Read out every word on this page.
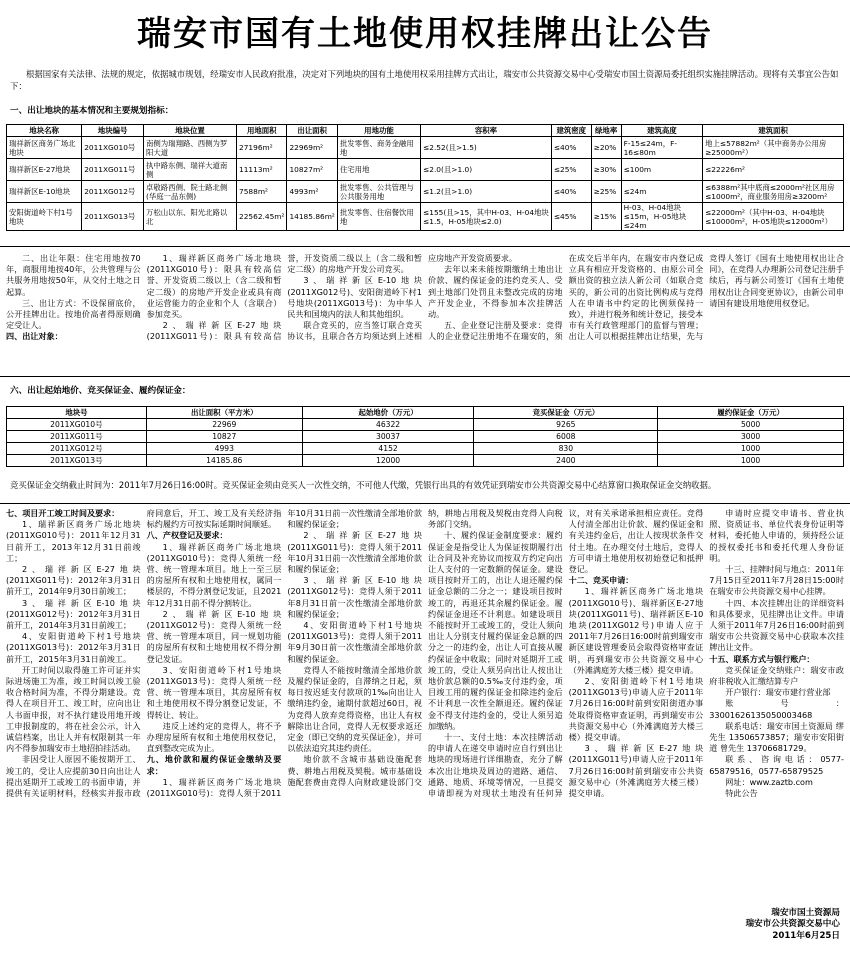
瑞安市国有土地使用权挂牌出让公告
根据国家有关法律、法规的规定，依据城市规划，经瑞安市人民政府批准，决定对下列地块的国有土地使用权采用挂牌方式出让，瑞安市公共资源交易中心受瑞安市国土资源局委托组织实施挂牌活动。现将有关事宜公告如下：
一、出让地块的基本情况和主要规划指标：
地块名称	地块编号	地块位置	用地面积	出让面积	用地功能	容积率	建筑密度	绿地率	建筑高度	建筑面积
瑞祥新区商务广场北地块	2011XG010号	南侧为瑞翔路、西侧为罗阳大道	27196m²	22969m²	批发零售、商务金融用地	≤2.52(且>1.5)	≤40%	≥20%	F-15≤24m，F-16≤80m	地上≤57882m²（其中商务办公用房≥25000m²）
瑞祥新区E-27地块	2011XG011号	执中路东侧、瑞祥大道南侧	11113m²	10827m²	住宅用地	≤2.0(且>1.0)	≤25%	≥30%	≤100m	≤22226m²
瑞祥新区E-10地块	2011XG012号	卓敬路西侧、院士路北侧(华庭一品东侧)	7588m²	4993m²	批发零售、公共管理与公共服务用地	≤1.2(且>1.0)	≤40%	≥25%	≤24m	≤6388m²其中底商≤2000m²社区用房≤1000m²，商业服务用房≥3200m²
安阳街道岭下村1号地块	2011XG013号	万松山以东、阳光北路以北	22562.45m²	14185.86m²	批发零售、住宿餐饮用地	≤155(且>15，其中H-03、H-04地块≤1.5，H-05地块≤2.0)	≤45%	≥15%	H-03、H-04地块≤15m，H-05地块≤24m	≤22000m²（其中H-03、H-04地块≤10000m²，H-05地块≤12000m²）

二、出让年限：住宅用地按70年，商服用地按40年，公共管理与公共服务用地按50年，从交付土地之日起算。

三、出让方式：不设保留底价，公开挂牌出让。按地价高者得原则确定受让人。

四、出让对象：

1、瑞祥新区商务广场北地块(2011XG010号)：限具有较高信誉、开发资质二级以上（含二级和暂定二级）的房地产开发企业或具有商业运营能力的企业和个人（含联合）参加竞买。

2、瑞祥新区E-27地块(2011XG011号)：限具有较高信誉，开发资质二级以上（含二级和暂定二级）的房地产开发公司竞买。

3、瑞祥新区E-10地块(2011XG012号)、安阳街道岭下村1号地块(2011XG013号)：为中华人民共和国境内的法人和其他组织。

联合竞买的，应当签订联合竞买协议书，且联合各方均须达到上述相应房地产开发资质要求。

去年以来未能按期缴纳土地出让价款、履约保证金的违约竞买人、受到土地部门处罚且未整改完成的房地产开发企业，不得参加本次挂牌活动。

五、企业登记注册及要求：竞得人的企业登记注册地不在瑞安的，须在成交后半年内，在瑞安市内登记成立具有相应开发资格的、由原公司全额出资的独立法人新公司（如联合竞买的，新公司的出资比例构成与竞得人在申请书中约定的比例须保持一致），并进行税务和统计登记，接受本市有关行政管理部门的监督与管理；出让人可以根据挂牌出让结果，先与竞得人签订《国有土地使用权出让合同》，在竞得人办理新公司登记注册手续后，再与新公司签订《国有土地使用权出让合同变更协议》，由新公司申请国有建设用地使用权登记。

六、出让起始地价、竞买保证金、履约保证金：
地块号	出让面积（平方米）	起始地价（万元）	竞买保证金（万元）	履约保证金（万元）
2011XG010号	22969	46322	9265	5000
2011XG011号	10827	30037	6008	3000
2011XG012号	4993	4152	830	1000
2011XG013号	14185.86	12000	2400	1000
竞买保证金交纳截止时间为：2011年7月26日16:00时。竞买保证金须由竞买人一次性交纳，不可他人代缴，凭银行出具的有效凭证到瑞安市公共资源交易中心结算窗口换取保证金交纳收据。

七、项目开工竣工时间及要求：

1、瑞祥新区商务广场北地块(2011XG010号)：2011年12月31日前开工，2013年12月31日前竣工；

2、瑞祥新区E-27地块(2011XG011号)：2012年3月31日前开工，2014年9月30日前竣工；

3、瑞祥新区E-10地块(2011XG012号)：2012年3月31日前开工，2014年3月31日前竣工；

4、安阳街道岭下村1号地块(2011XG013号)：2012年3月31日前开工，2015年3月31日前竣工。

开工时间以取得施工许可证并实际进场施工为准，竣工时间以竣工验收合格时间为准，不得分期建设。竞得人在项目开工、竣工时，应向出让人书面申报，对不执行建设用地开竣工申报制度的，将在社会公示，计入诚信档案，出让人并有权限制其一年内不得参加瑞安市土地招拍挂活动。

非因受让人原因不能按期开工、竣工的，受让人应提前30日向出让人提出延期开工或竣工的书面申请，并提供有关证明材料，经核实并报市政府同意后，开工、竣工及有关经济指标约履约方可按实际延期时间顺延。

八、产权登记及要求：

1、瑞祥新区商务广场北地块(2011XG010号)：竞得人须统一经营、统一管理本项目。地上一至三层的房屋所有权和土地使用权，属同一楼层的，不得分割登记发证，且2021年12月31日前不得分割转让。

2、瑞祥新区E-10地块(2011XG012号)：竞得人须统一经营、统一管理本项目，同一规划功能的房屋所有权和土地使用权不得分割登记发证。

3、安阳街道岭下村1号地块(2011XG013号)：竞得人须统一经营、统一管理本项目，其房屋所有权和土地使用权不得分割登记发证，不得转让、转让。

违反上述约定的竞得人，将不予办理房屋所有权和土地使用权登记，直到整改完成为止。

九、地价款和履约保证金缴纳及要求：

1、瑞祥新区商务广场北地块(2011XG010号)：竞得人须于2011年10月31日前一次性缴清全部地价款和履约保证金；

2、瑞祥新区E-27地块(2011XG011号)：竞得人须于2011年10月31日前一次性缴清全部地价款和履约保证金；

3、瑞祥新区E-10地块(2011XG012号)：竞得人须于2011年8月31日前一次性缴清全部地价款和履约保证金；

4、安阳街道岭下村1号地块(2011XG013号)：竞得人须于2011年9月30日前一次性缴清全部地价款和履约保证金。

竞得人不能按时缴清全部地价款及履约保证金的，自滞纳之日起，须每日按迟延支付款项的1‰向出让人缴纳违约金，逾期付款超过60日，视为竞得人放弃竞得资格，出让人有权解除出让合同，竞得人无权要求返还定金（即已交纳的竞买保证金），并可以依法追究其违约责任。

地价款不含城市基础设施配套费、耕地占用税及契税。城市基础设施配套费由竞得人向财政建设部门交纳，耕地占用税及契税由竞得人向税务部门交纳。

十、履约保证金制度要求：履约保证金是指受让人为保证按期履行出让合同及补充协议而按双方约定向出让人支付的一定数额的保证金。建设项目按时开工的，出让人退还履约保证金总额的二分之一；建设项目按时竣工的，再退还其余履约保证金。履约保证金退还不计利息。如建设项目不能按时开工或竣工的，受让人须向出让人分别支付履约保证金总额的四分之一的违约金，出让人可直接从履约保证金中收取；同时对延期开工或竣工的，受让人须另向出让人按出让地价款总额的0.5‰支付违约金，项目竣工用的履约保证金扣除违约金后不计利息一次性全额退还。履约保证金不得支付违约金的，受让人须另追加缴纳。

十一、支付土地：本次挂牌活动的申请人在递交申请时应自行到出让地块的现场进行详细勘查，充分了解本次出让地块及周边的道路、通信、通路、地质、环境等情况，一旦提交申请即视为对现状土地没有任何异议，对有关承诺承担相应责任。竞得人付清全部出让价款、履约保证金和有关违约金后，出让人按现状条件交付土地。在办理交付土地后，竞得人方可申请土地使用权初始登记和抵押登记。

十二、竞买申请：

1、瑞祥新区商务广场北地块(2011XG010号)、瑞祥新区E-27地块(2011XG011号)、瑞祥新区E-10地块(2011XG012号)申请人应于2011年7月26日16:00时前到瑞安市新区建设管理委员会取得资格审查证明，再到瑞安市公共资源交易中心（外滩满庭芳大楼三楼）提交申请。

2、安阳街道岭下村1号地块(2011XG013号)申请人应于2011年7月26日16:00时前到安阳街道办事处取得资格审查证明，再到瑞安市公共资源交易中心（外滩满庭芳大楼三楼）提交申请。

3、瑞祥新区E-27地块(2011XG011号)申请人应于2011年7月26日16:00时前到瑞安市公共资源交易中心（外滩满庭芳大楼三楼）提交申请。

申请时应提交申请书、营业执照、资质证书、单位代表身份证明等材料，委托他人申请的，须持经公证的授权委托书和委托代理人身份证明。

十三、挂牌时间与地点：2011年7月15日至2011年7月28日15:00时在瑞安市公共资源交易中心挂牌。

十四、本次挂牌出让的详细资料和具体要求，见挂牌出让文件。申请人须于2011年7月26日16:00时前到瑞安市公共资源交易中心获取本次挂牌出让文件。

十五、联系方式与银行账户：

竞买保证金交纳账户：瑞安市政府非税收入汇缴结算专户

开户银行：瑞安市建行营业部

账号：33001626135050003468

联系电话：瑞安市国土资源局 缪先生 13506573857；瑞安市安阳街道 曾先生 13706681729。

联系、咨询电话：0577-65879516，0577-65879525

网址：www.zaztb.com

特此公告

瑞安市国土资源局
瑞安市公共资源交易中心
2011年6月25日
